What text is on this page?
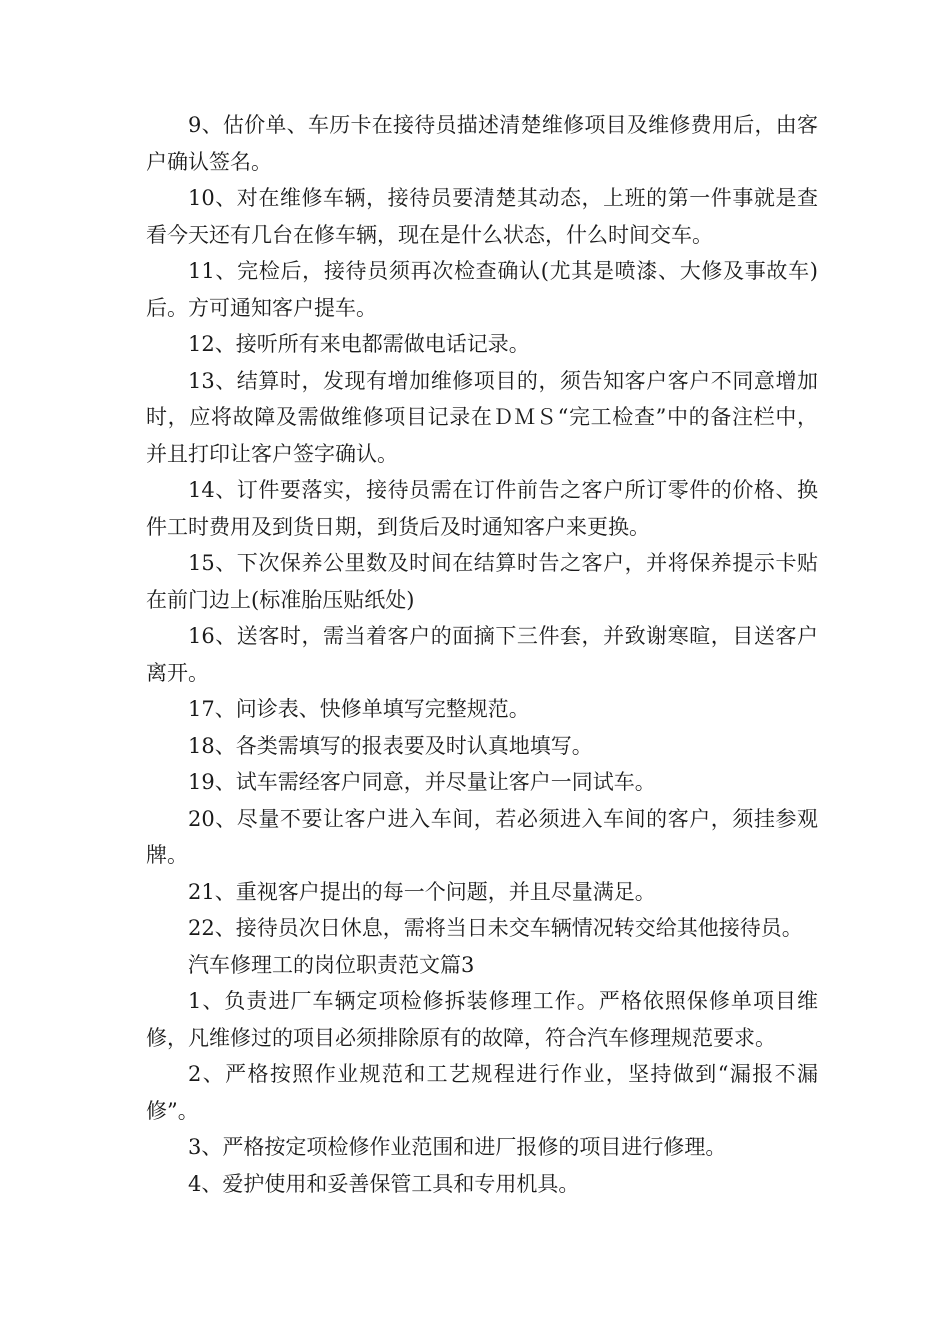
9、估价单、车历卡在接待员描述清楚维修项目及维修费用后，由客户确认签名。

10、对在维修车辆，接待员要清楚其动态，上班的第一件事就是查看今天还有几台在修车辆，现在是什么状态，什么时间交车。

11、完检后，接待员须再次检查确认(尤其是喷漆、大修及事故车)后。方可通知客户提车。

12、接听所有来电都需做电话记录。

13、结算时，发现有增加维修项目的，须告知客户客户不同意增加时，应将故障及需做维修项目记录在ＤＭＳ“完工检查”中的备注栏中，并且打印让客户签字确认。

14、订件要落实，接待员需在订件前告之客户所订零件的价格、换件工时费用及到货日期，到货后及时通知客户来更换。

15、下次保养公里数及时间在结算时告之客户，并将保养提示卡贴在前门边上(标准胎压贴纸处)

16、送客时，需当着客户的面摘下三件套，并致谢寒暄，目送客户离开。

17、问诊表、快修单填写完整规范。

18、各类需填写的报表要及时认真地填写。

19、试车需经客户同意，并尽量让客户一同试车。

20、尽量不要让客户进入车间，若必须进入车间的客户，须挂参观牌。

21、重视客户提出的每一个问题，并且尽量满足。

22、接待员次日休息，需将当日未交车辆情况转交给其他接待员。

汽车修理工的岗位职责范文篇3

1、负责进厂车辆定项检修拆装修理工作。严格依照保修单项目维修，凡维修过的项目必须排除原有的故障，符合汽车修理规范要求。

2、严格按照作业规范和工艺规程进行作业，坚持做到“漏报不漏修”。

3、严格按定项检修作业范围和进厂报修的项目进行修理。

4、爱护使用和妥善保管工具和专用机具。
